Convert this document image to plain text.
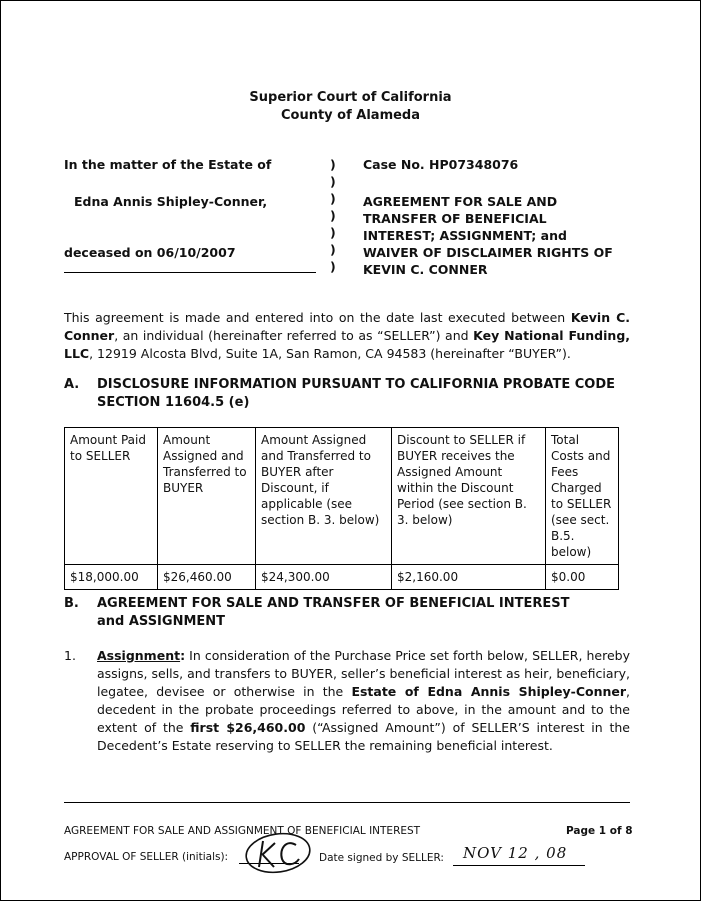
Superior Court of California
County of Alameda
In the matter of the Estate of
Edna Annis Shipley-Conner,
deceased on 06/10/2007
)
)
)
)
)
)
)
Case No. HP07348076
AGREEMENT FOR SALE AND
TRANSFER OF BENEFICIAL
INTEREST; ASSIGNMENT; and
WAIVER OF DISCLAIMER RIGHTS OF
KEVIN C. CONNER
This agreement is made and entered into on the date last executed between Kevin C. Conner, an individual (hereinafter referred to as “SELLER”) and Key National Funding, LLC, 12919 Alcosta Blvd, Suite 1A, San Ramon, CA 94583 (hereinafter “BUYER”).
A. DISCLOSURE INFORMATION PURSUANT TO CALIFORNIA PROBATE CODE
SECTION 11604.5 (e)
Amount Paid to SELLER	Amount Assigned and Transferred to BUYER	Amount Assigned and Transferred to BUYER after Discount, if applicable (see section B. 3. below)	Discount to SELLER if BUYER receives the Assigned Amount within the Discount Period (see section B. 3. below)	Total Costs and Fees Charged to SELLER (see sect. B.5. below)
$18,000.00	$26,460.00	$24,300.00	$2,160.00	$0.00
B. AGREEMENT FOR SALE AND TRANSFER OF BENEFICIAL INTEREST
and ASSIGNMENT
1. Assignment: In consideration of the Purchase Price set forth below, SELLER, hereby assigns, sells, and transfers to BUYER, seller’s beneficial interest as heir, beneficiary, legatee, devisee or otherwise in the Estate of Edna Annis Shipley-Conner, decedent in the probate proceedings referred to above, in the amount and to the extent of the first $26,460.00 (“Assigned Amount”) of SELLER’S interest in the Decedent’s Estate reserving to SELLER the remaining beneficial interest.
AGREEMENT FOR SALE AND ASSIGNMENT OF BENEFICIAL INTEREST	Page 1 of 8
APPROVAL OF SELLER (initials):	Date signed by SELLER: NOV 12 , 08
